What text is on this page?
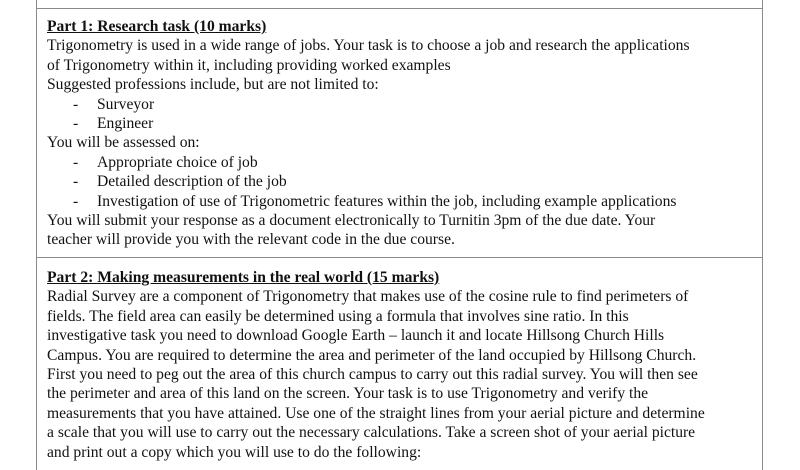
Part 1: Research task (10 marks)

Trigonometry is used in a wide range of jobs. Your task is to choose a job and research the applications

of Trigonometry within it, including providing worked examples

Suggested professions include, but are not limited to:

-	Surveyor
-	Engineer

You will be assessed on:

-	Appropriate choice of job
-	Detailed description of the job
-	Investigation of use of Trigonometric features within the job, including example applications

You will submit your response as a document electronically to Turnitin 3pm of the due date. Your

teacher will provide you with the relevant code in the due course.

Part 2: Making measurements in the real world (15 marks)

Radial Survey are a component of Trigonometry that makes use of the cosine rule to find perimeters of

fields. The field area can easily be determined using a formula that involves sine ratio. In this

investigative task you need to download Google Earth – launch it and locate Hillsong Church Hills

Campus. You are required to determine the area and perimeter of the land occupied by Hillsong Church.

First you need to peg out the area of this church campus to carry out this radial survey. You will then see

the perimeter and area of this land on the screen. Your task is to use Trigonometry and verify the

measurements that you have attained. Use one of the straight lines from your aerial picture and determine

a scale that you will use to carry out the necessary calculations. Take a screen shot of your aerial picture

and print out a copy which you will use to do the following:
